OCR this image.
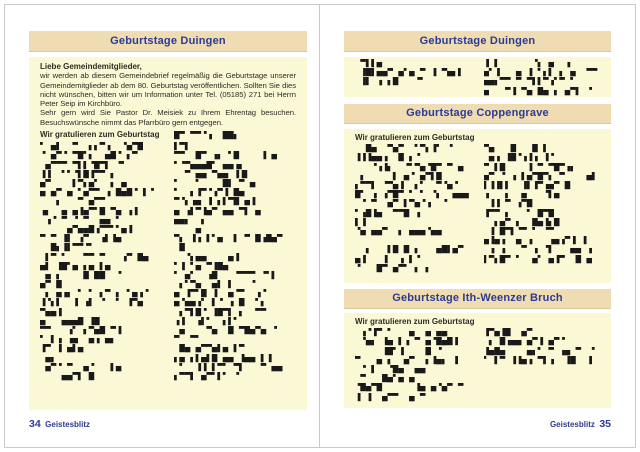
Geburtstage Duingen

Liebe Gemeindemitglieder,

wir werden ab diesem Gemeindebrief regelmäßig die Geburtstage unserer Gemeindemitglieder ab dem 80. Geburtstag veröffentlichen. Sollten Sie dies nicht wünschen, bitten wir um Information unter Tel. (05185) 271 bei Herrn Peter Seip im Kirchbüro.

Sehr gern wird Sie Pastor Dr. Meisiek zu Ihrem Ehrentag besuchen. Besuchswünsche nimmt das Pfarrbüro gern entgegen.

Wir gratulieren zum Geburtstag █▀ ▀▀▝▗  ██▖
▘ ▄▌  ▀  ▖▖▀▗  ▝▄▀█
▝ ▄▀▝ ▀█▘▖  ▄█▝ ▖▀
▄▀▀▀ ▀▌▌▝█▀▌ ▝▘
▐▐  ▘▘▝▌█▐▀▀ ▖
▄▀    ▌▀▖▄▘  ▖ ▄
▄ ▄▀ ▄ ▘▄▀▀ ▗ █▄█▝ ▌▝
▖   ▀ ▄▀▀
▗▖  ▄ ▄▐▄▀▘█ ▀▄ ▗▐
▗▝ ▀ ▝ ▀  ▄▄ ▘
▄▀▄▄█▗▀▀▘▘▄▐
▀ ▀ ▐▌ ▗▀  ▗▌▐▄
█▖▐▌▀▀▝▘
▌▀ ▘   ▀▀ ▀   ▗▀ █▄
▄▌ ▐█▘▄ ▖▄ ▌▄
▄ ▖    █ ██  ▝
▄▀ █
▖ ▄▗▖ ▘ ▘ ▖▀ ▖ ▘▄▗▝
▐▝▖▌  ▐ ▗▌ ▝  ▘ ▐▀▄
▀▄▄▐
▄   ▄▄▄█ ▐█
▀▀   ▗▘ ▖▀▄█ ▀▐
▘ ▌▗ ▗▄  ▄▗ ▄▖
▐▀ ▐ ▄▌▄
▄▖
▄▀▝ ▀  ▄▝   ▌▄
▄▄▀▌ █
▌▀▌
▀▀  █▀ ▗▖ ▘█    ▐ ▄
▘▝▀▄▄▄█▘ ▄▄▗▖
▀ ▄▄ ▀▄▄ ▐▐▌
▘   ▘    █▌ ▀ ▄
▘  ▖▐▀▝▗▀▐ █▄
▀▝▖▗▄ ▐ ▖▌▀█ ▄▐
▄ ▗▌▀▐▄▀ ▄▄ ▀▌ ▄
▄▄▖  ▖
▄
▀▖ ▐▗ ▌▘▄  ▌ ▀ █▗█▄▀
█
▝▖▄▄    ▄▐
▘▐ ▘▄ ▀▐█▄
▘ ▄▘  ▗█   ▝▀▀▀ ▝▘▌
▖▘▀▄  ▄▌ ▌   ▝
▄ ▐▀▘█ ▐  ▄▝▀  ▗▝
▄▝▄▄▗▘ ▌▝ ▗ █  ▘▖
▖▀▌█▝ ▐█▀▌ ▖  ▀▀
▗▐  ▗▌▘  ▖▌▘
▄    ▀▄  █ ▀█▄▀▄ ▝
▀  ▀▘
█▄ ▄▀▀▄▌▄ ▌▀
▖▄ ▖▌▄▌█ ▄▄ ▐▄▄ ▌▐
▘  ▐▐ ▌▀▘ ▀▌   ▀ ▄▄
▖▀▀▌ ▄▀▘▌▘ ▝
34 Geistesblitz
Geburtstage Duingen
▀▌▌▄
▐█▌▄▄▀ ▄▘▄ ▀ ▐ ▀▄▖▌
▐▌ ▗ ▖█   ▝▘
▐ ▌      ▝▖ ▄  ▗
▄▘▐   ▄ ▐ ▘▖▌ ▖ ▄  ▀▀
▄▄▖▀▀ ▀ ▀▌▌▀▗▘▀ ▘
▄   ▀▐ ▀▄ █▄ ▖ ▄▀▌ ▝
Geburtstage Coppengrave

Wir gratulieren zum Geburtstag

█▄  ▀▄▀  ▘▀▖▐▘ ▝
▐▐▐▄▄▗  █ ▖▝
▝▗▐▖  ▝▘▀▄▝█▀ ▀ ▄
▖     ▌ ▄▝ ▄▀▌█
▖▀▀▌ ▝▀▄▐  ▖▘  ▀▝▄▝
█▘ ▗ ▗▀█▀ ▘ ▘ ▝▖  ▄▄▄
▝ ▀  ▄▀ ▌▀▄▝▗  ▝
▘▗█▐▄  ▀▀█ ▗
▌▐
▝▄ ▄▄▀  ▖ ▄▄▄▝▄▄

▖   ▌█ █ ▖   ▄█▌▄▀
▄▐   ▐  ▗ ▌▝
▝   █▀ ▄▀▘ ▖ ▖
▀▄   █   █ ▌
▄▗ ▐█▝▗▐▗ ▐▝
▀ ▌█    ▐ ▀ ▀█▀▗▖
▄▀ ▝ ▗ ▌▄▀█▀▖ ▀    ▄▌
▌▐▐▌▌  ▐▌▐▀▗▄▀ █
▗   ▖  ▄   ▝▌▄
▐▐ ▀ ▗▀█
▐▀▀ ▖   ▘ █▀█
▖▄▀ ▖  █▄▐▖█
▐ █▀▌▝▀ ▘ ▝▀
▄▐▄▗  ▄ ▗   ▗▄▗▀▐ ▐
▗ ▗   ▀ ▗ ▝▌   ▄▄ ▗
▌▀▖█▀ ▘  ▄▘ ▄▐▀  █ ▄
Geburtstage Ith-Weenzer Bruch

Wir gratulieren zum Geburtstag

▗▝▐▀ ▘   ▄  ▄ ▄▄
▝▄▖ ▐▄ ▌▗ ▀ ▄▝█▄█▐
▐█▘▐    █ ▝
▀   ▄ ▖  ▄▀  ▖▐▄▖ ▐
▝ ▌  ▝█▄  ▄▄
▀   █▄▘▄ ▄
▝█▄▀█      ▐▄ ▄▝▄▀ ▀
▐ ▐  ▄▀▀  ▄ ▀
▐▀▄▐█  ▄▀
▖ █▗▄▄ ▄▀▐ ▄▀▝
▐▄█▄    ▄▖▘ ▀ ▗▄ ▀  ▘
▘ ▌▀ ▐▐▄▗ ▀▌▗  ▐█  ▐
Geistesblitz 35
